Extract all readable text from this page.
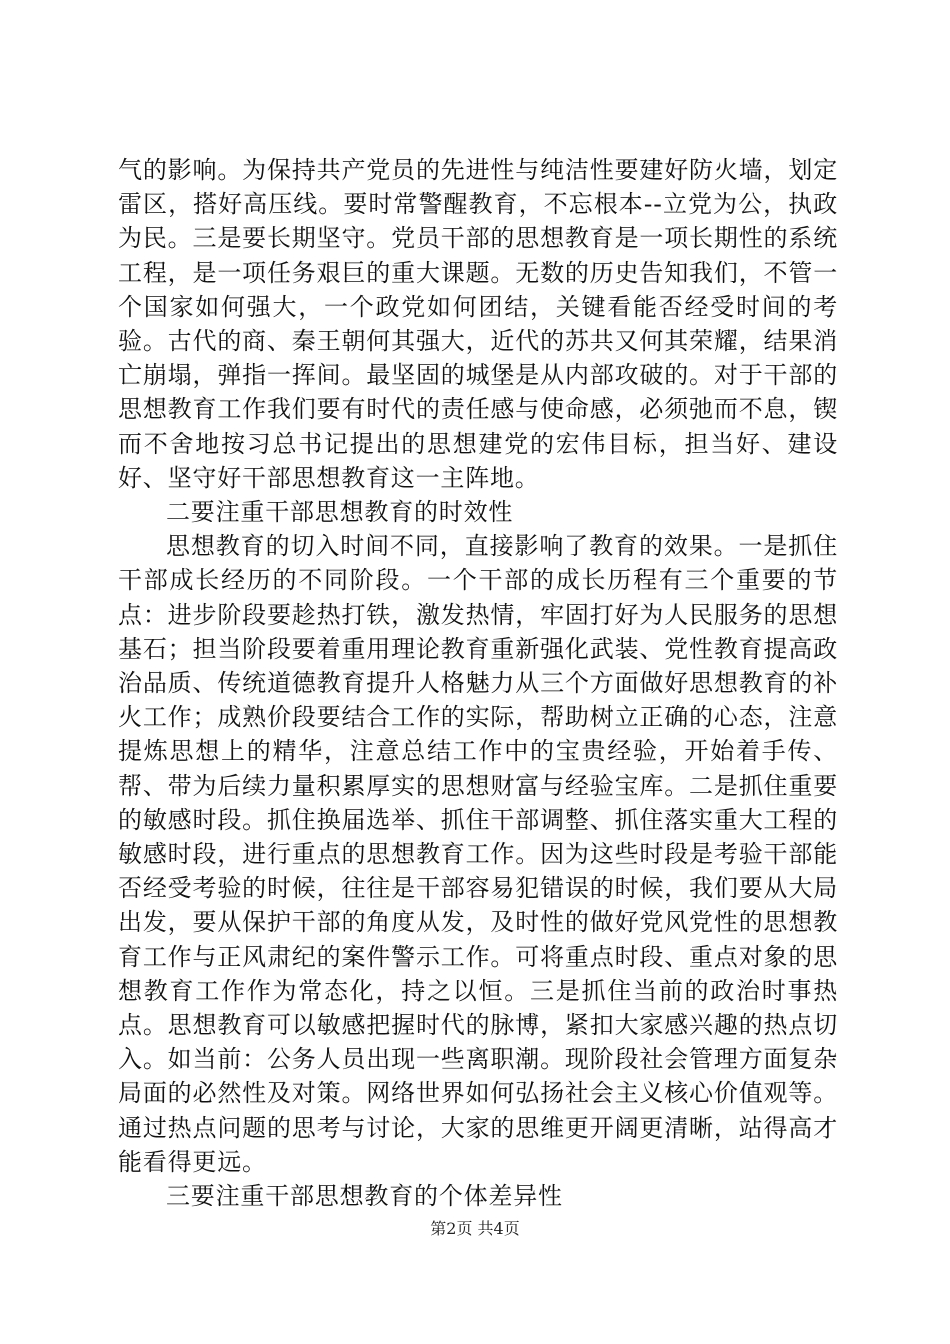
气的影响。为保持共产党员的先进性与纯洁性要建好防火墙，划定雷区，搭好高压线。要时常警醒教育，不忘根本--立党为公，执政为民。三是要长期坚守。党员干部的思想教育是一项长期性的系统工程，是一项任务艰巨的重大课题。无数的历史告知我们，不管一个国家如何强大，一个政党如何团结，关键看能否经受时间的考验。古代的商、秦王朝何其强大，近代的苏共又何其荣耀，结果消亡崩塌，弹指一挥间。最坚固的城堡是从内部攻破的。对于干部的思想教育工作我们要有时代的责任感与使命感，必须弛而不息，锲而不舍地按习总书记提出的思想建党的宏伟目标，担当好、建设好、坚守好干部思想教育这一主阵地。

二要注重干部思想教育的时效性

思想教育的切入时间不同，直接影响了教育的效果。一是抓住干部成长经历的不同阶段。一个干部的成长历程有三个重要的节点：进步阶段要趁热打铁，激发热情，牢固打好为人民服务的思想基石；担当阶段要着重用理论教育重新强化武装、党性教育提高政治品质、传统道德教育提升人格魅力从三个方面做好思想教育的补火工作；成熟价段要结合工作的实际，帮助树立正确的心态，注意提炼思想上的精华，注意总结工作中的宝贵经验，开始着手传、帮、带为后续力量积累厚实的思想财富与经验宝库。二是抓住重要的敏感时段。抓住换届选举、抓住干部调整、抓住落实重大工程的敏感时段，进行重点的思想教育工作。因为这些时段是考验干部能否经受考验的时候，往往是干部容易犯错误的时候，我们要从大局出发，要从保护干部的角度从发，及时性的做好党风党性的思想教育工作与正风肃纪的案件警示工作。可将重点时段、重点对象的思想教育工作作为常态化，持之以恒。三是抓住当前的政治时事热点。思想教育可以敏感把握时代的脉博，紧扣大家感兴趣的热点切入。如当前：公务人员出现一些离职潮。现阶段社会管理方面复杂局面的必然性及对策。网络世界如何弘扬社会主义核心价值观等。通过热点问题的思考与讨论，大家的思维更开阔更清晰，站得高才能看得更远。

三要注重干部思想教育的个体差异性

第2页 共4页
